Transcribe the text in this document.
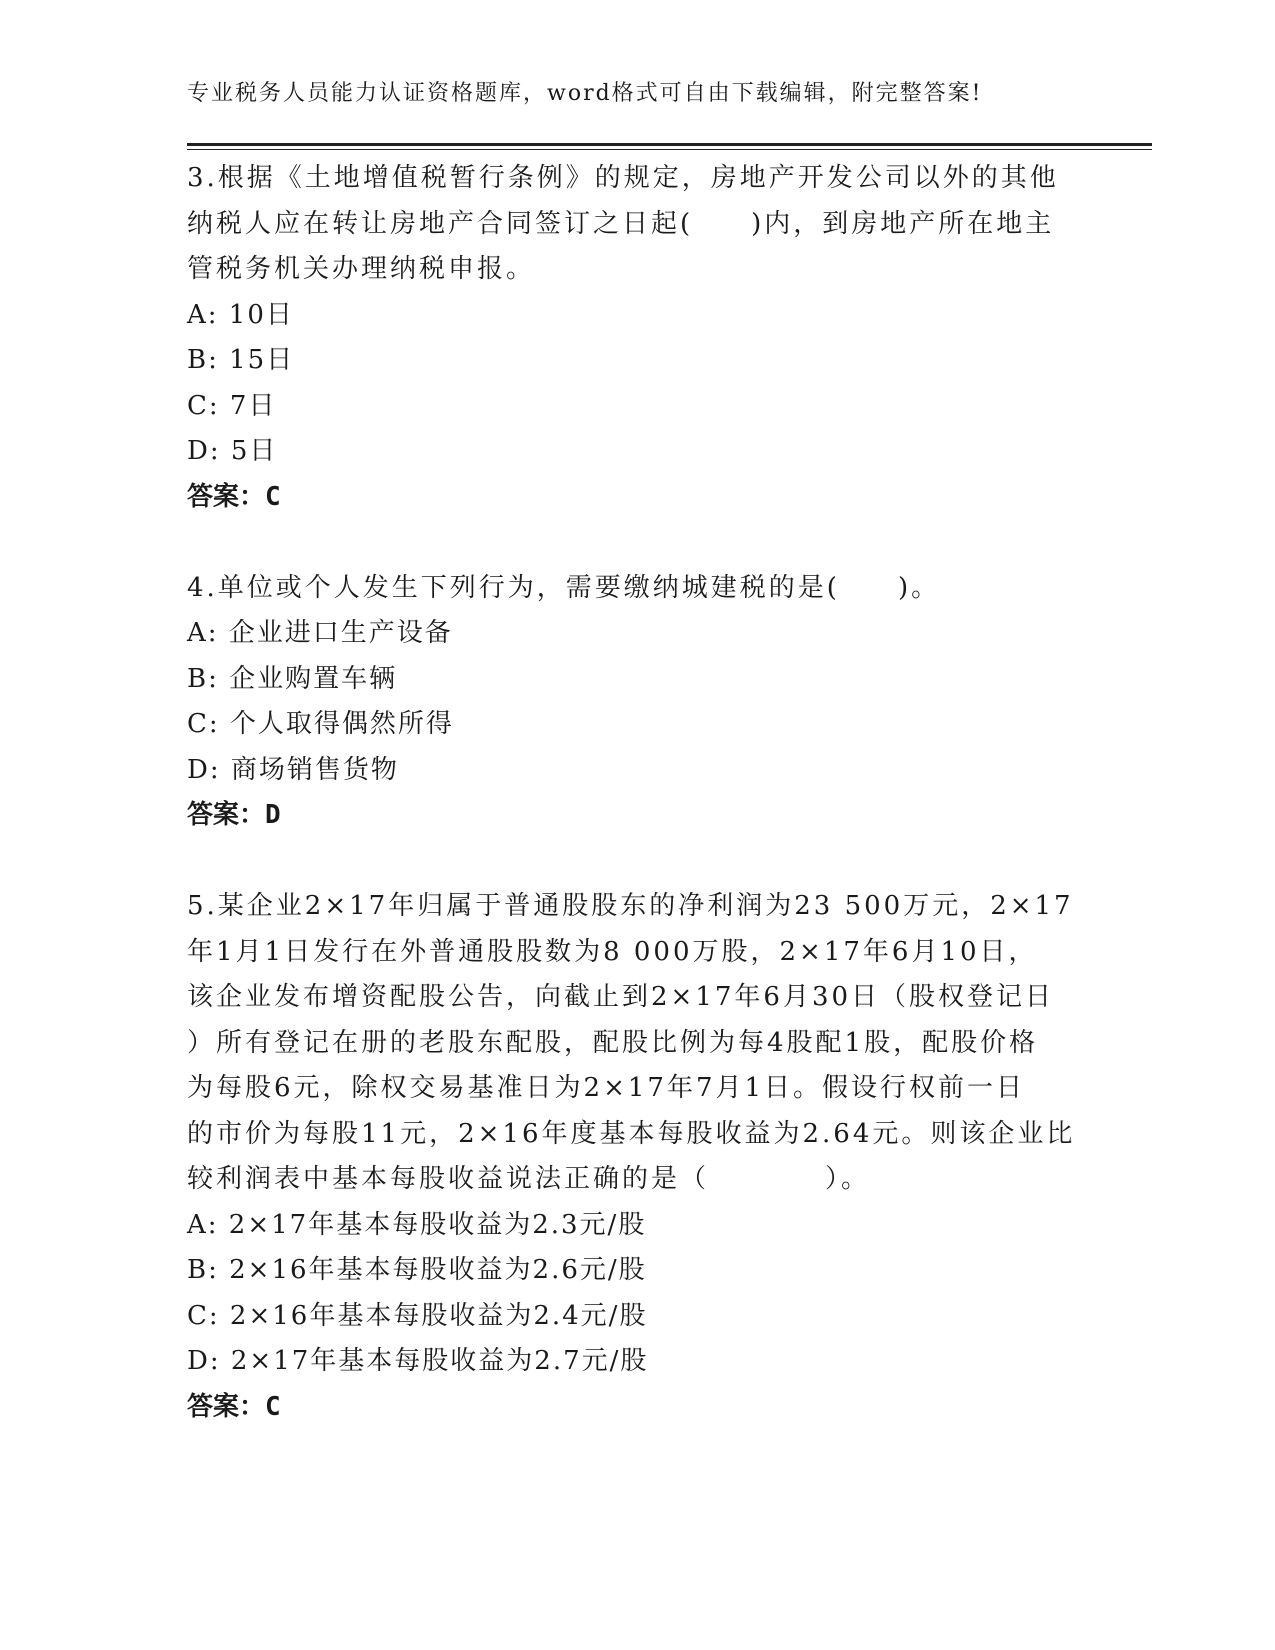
专业税务人员能力认证资格题库，word格式可自由下载编辑，附完整答案!
3.根据《土地增值税暂行条例》的规定，房地产开发公司以外的其他
纳税人应在转让房地产合同签订之日起(　　)内，到房地产所在地主
管税务机关办理纳税申报。
A: 10日
B: 15日
C: 7日
D: 5日
答案：C
4.单位或个人发生下列行为，需要缴纳城建税的是(　　)。
A: 企业进口生产设备
B: 企业购置车辆
C: 个人取得偶然所得
D: 商场销售货物
答案：D
5.某企业2×17年归属于普通股股东的净利润为23 500万元，2×17
年1月1日发行在外普通股股数为8 000万股，2×17年6月10日，
该企业发布增资配股公告，向截止到2×17年6月30日（股权登记日
）所有登记在册的老股东配股，配股比例为每4股配1股，配股价格
为每股6元，除权交易基准日为2×17年7月1日。假设行权前一日
的市价为每股11元，2×16年度基本每股收益为2.64元。则该企业比
较利润表中基本每股收益说法正确的是（　　　　）。
A: 2×17年基本每股收益为2.3元/股
B: 2×16年基本每股收益为2.6元/股
C: 2×16年基本每股收益为2.4元/股
D: 2×17年基本每股收益为2.7元/股
答案：C
